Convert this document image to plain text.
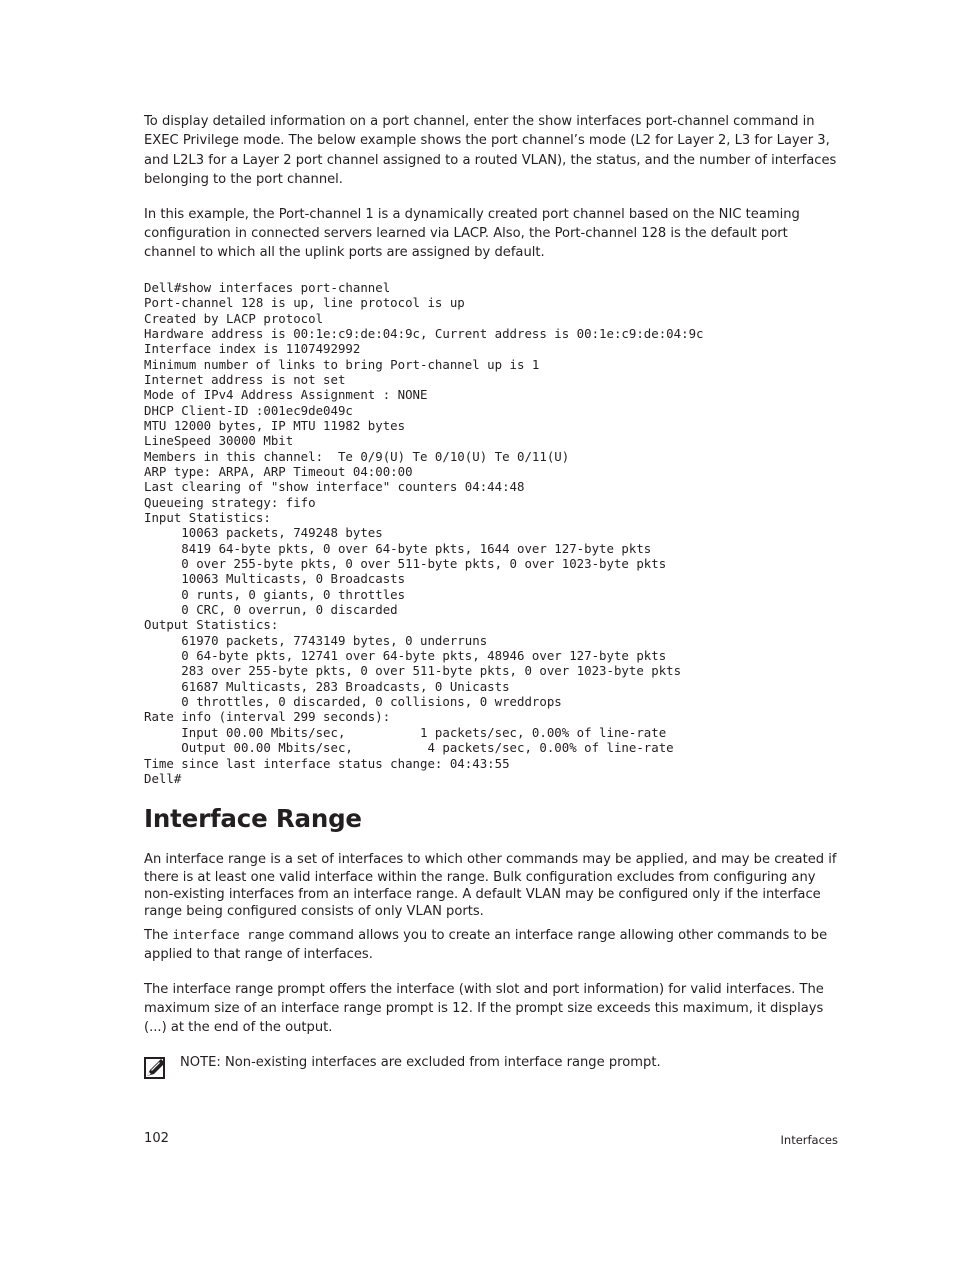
To display detailed information on a port channel, enter the show interfaces port-channel command in EXEC Privilege mode. The below example shows the port channel’s mode (L2 for Layer 2, L3 for Layer 3, and L2L3 for a Layer 2 port channel assigned to a routed VLAN), the status, and the number of interfaces belonging to the port channel.

In this example, the Port-channel 1 is a dynamically created port channel based on the NIC teaming configuration in connected servers learned via LACP. Also, the Port-channel 128 is the default port channel to which all the uplink ports are assigned by default.

Dell#show interfaces port-channel
Port-channel 128 is up, line protocol is up
Created by LACP protocol
Hardware address is 00:1e:c9:de:04:9c, Current address is 00:1e:c9:de:04:9c
Interface index is 1107492992
Minimum number of links to bring Port-channel up is 1
Internet address is not set
Mode of IPv4 Address Assignment : NONE
DHCP Client-ID :001ec9de049c
MTU 12000 bytes, IP MTU 11982 bytes
LineSpeed 30000 Mbit
Members in this channel:  Te 0/9(U) Te 0/10(U) Te 0/11(U)
ARP type: ARPA, ARP Timeout 04:00:00
Last clearing of "show interface" counters 04:44:48
Queueing strategy: fifo
Input Statistics:
10063 packets, 749248 bytes
8419 64-byte pkts, 0 over 64-byte pkts, 1644 over 127-byte pkts
0 over 255-byte pkts, 0 over 511-byte pkts, 0 over 1023-byte pkts
10063 Multicasts, 0 Broadcasts
0 runts, 0 giants, 0 throttles
0 CRC, 0 overrun, 0 discarded
Output Statistics:
61970 packets, 7743149 bytes, 0 underruns
0 64-byte pkts, 12741 over 64-byte pkts, 48946 over 127-byte pkts
283 over 255-byte pkts, 0 over 511-byte pkts, 0 over 1023-byte pkts
61687 Multicasts, 283 Broadcasts, 0 Unicasts
0 throttles, 0 discarded, 0 collisions, 0 wreddrops
Rate info (interval 299 seconds):
Input 00.00 Mbits/sec,          1 packets/sec, 0.00% of line-rate
Output 00.00 Mbits/sec,          4 packets/sec, 0.00% of line-rate
Time since last interface status change: 04:43:55
Dell#
Interface Range

An interface range is a set of interfaces to which other commands may be applied, and may be created if there is at least one valid interface within the range. Bulk configuration excludes from configuring any non-existing interfaces from an interface range. A default VLAN may be configured only if the interface range being configured consists of only VLAN ports.

The interface range command allows you to create an interface range allowing other commands to be applied to that range of interfaces.

The interface range prompt offers the interface (with slot and port information) for valid interfaces. The maximum size of an interface range prompt is 12. If the prompt size exceeds this maximum, it displays (...) at the end of the output.

NOTE: Non-existing interfaces are excluded from interface range prompt.
102	Interfaces
